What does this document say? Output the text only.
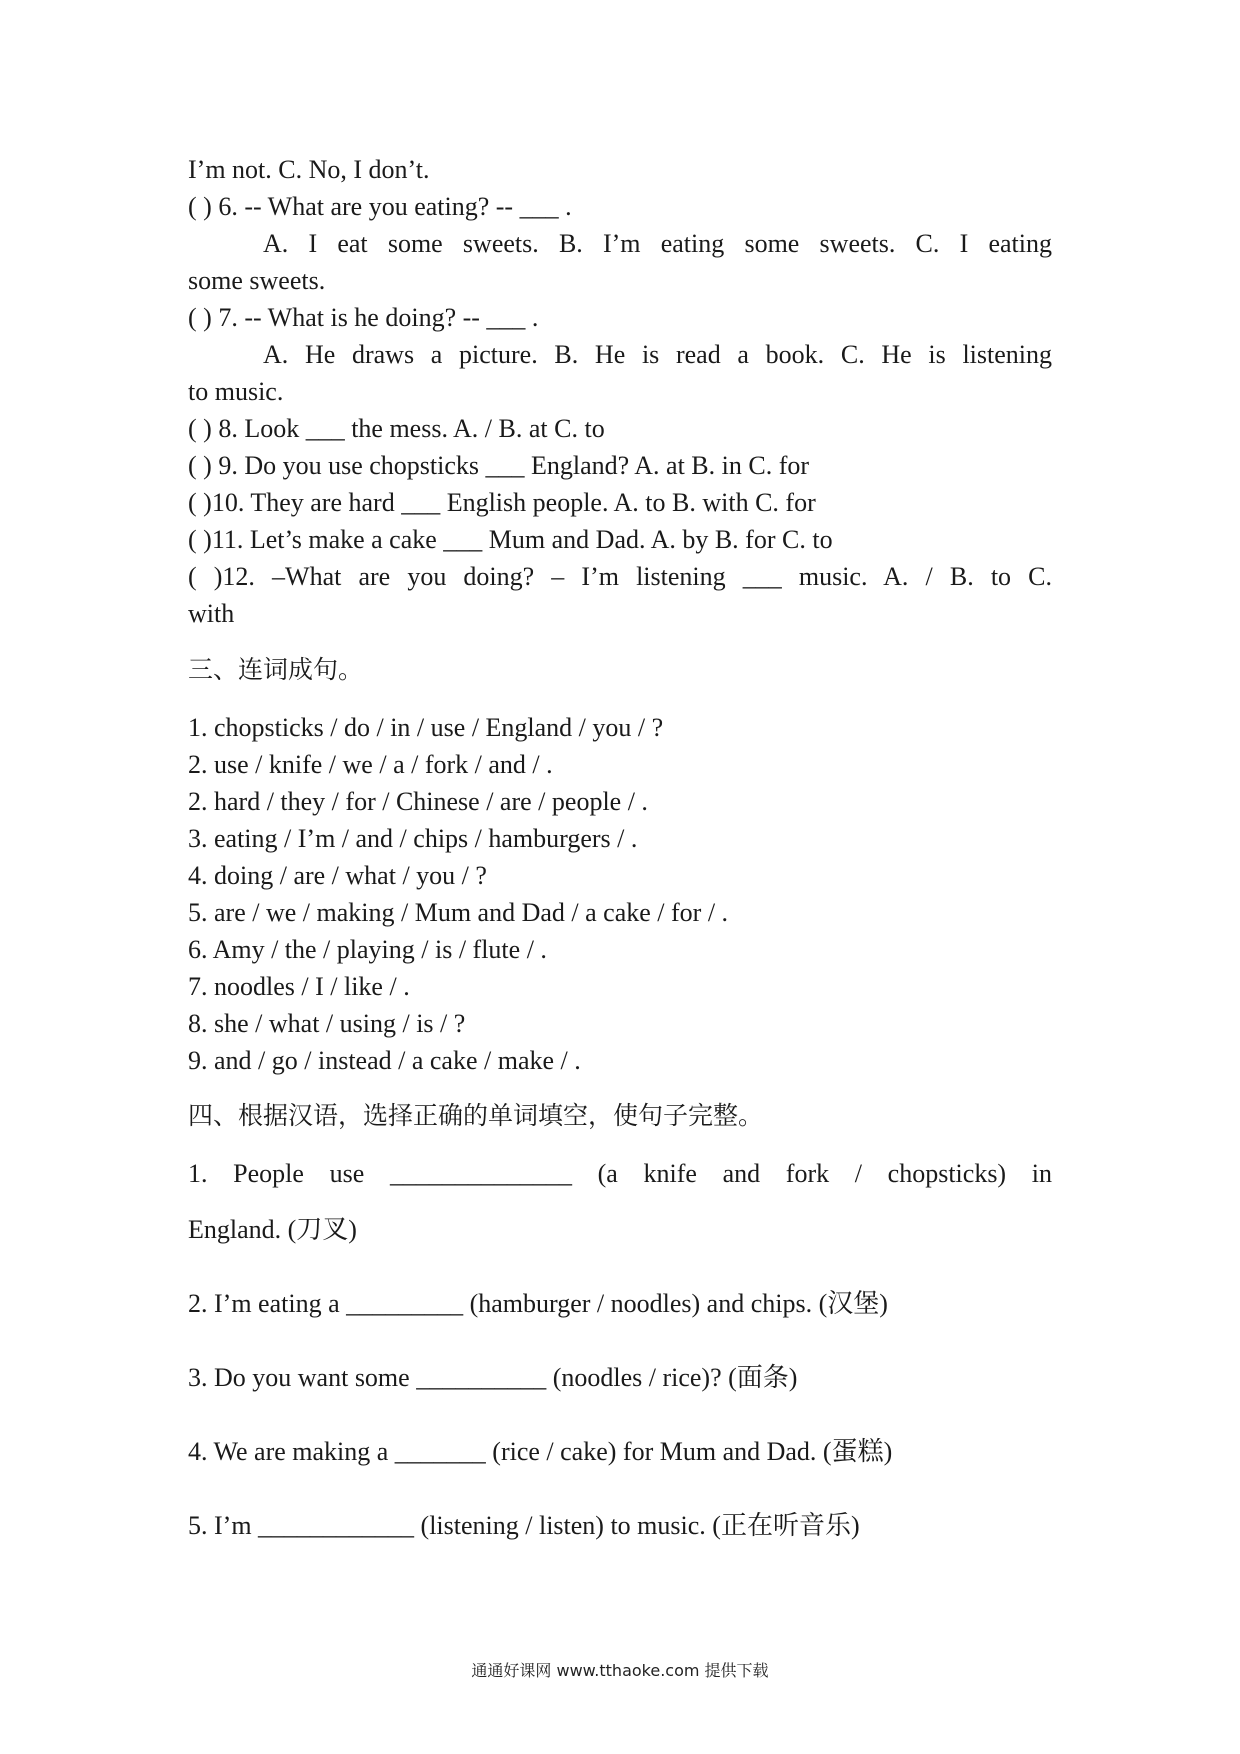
I’m not. C. No, I don’t.
( ) 6. -- What are you eating? -- ___ .
A. I eat some sweets. B. I’m eating some sweets. C. I eating
some sweets.
( ) 7. -- What is he doing? -- ___ .
A. He draws a picture. B. He is read a book. C. He is listening
to music.
( ) 8. Look ___ the mess. A. / B. at C. to
( ) 9. Do you use chopsticks ___ England? A. at B. in C. for
( )10. They are hard ___ English people. A. to B. with C. for
( )11. Let’s make a cake ___ Mum and Dad. A. by B. for C. to
( )12. –What are you doing? – I’m listening ___ music. A. / B. to C.
with
三、连词成句。
1. chopsticks / do / in / use / England / you / ?
2. use / knife / we / a / fork / and / .
2. hard / they / for / Chinese / are / people / .
3. eating / I’m / and / chips / hamburgers / .
4. doing / are / what / you / ?
5. are / we / making / Mum and Dad / a cake / for / .
6. Amy / the / playing / is / flute / .
7. noodles / I / like / .
8. she / what / using / is / ?
9. and / go / instead / a cake / make / .
四、根据汉语，选择正确的单词填空，使句子完整。
1. People use ______________ (a knife and fork / chopsticks) in
England. (刀叉)
2. I’m eating a _________ (hamburger / noodles) and chips. (汉堡)
3. Do you want some __________ (noodles / rice)? (面条)
4. We are making a _______ (rice / cake) for Mum and Dad. (蛋糕)
5. I’m ____________ (listening / listen) to music. (正在听音乐)
通通好课网 www.tthaoke.com 提供下载
